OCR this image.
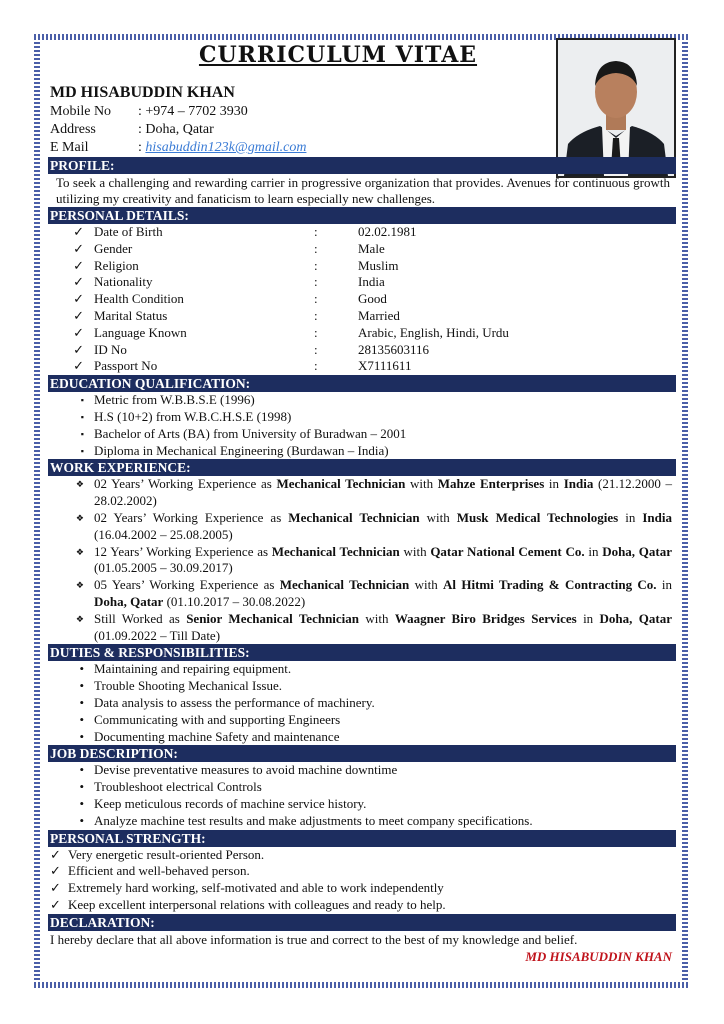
CURRICULUM VITAE
MD HISABUDDIN KHAN
Mobile No	: +974 – 7702 3930
Address	: Doha, Qatar
E Mail	: hisabuddin123k@gmail.com
PROFILE:
To seek a challenging and rewarding carrier in progressive organization that provides. Avenues for continuous growth utilizing my creativity and fanaticism to learn especially new challenges.
PERSONAL DETAILS:
✓ Date of Birth	:	02.02.1981
✓ Gender	:	Male
✓ Religion	:	Muslim
✓ Nationality	:	India
✓ Health Condition	:	Good
✓ Marital Status	:	Married
✓ Language Known	:	Arabic, English, Hindi, Urdu
✓ ID No	:	28135603116
✓ Passport No	:	X7111611
EDUCATION QUALIFICATION:
▪ Metric from W.B.B.S.E (1996)
▪ H.S (10+2) from W.B.C.H.S.E (1998)
▪ Bachelor of Arts (BA) from University of Buradwan – 2001
▪ Diploma in Mechanical Engineering (Burdawan – India)
WORK EXPERIENCE:
❖ 02 Years’ Working Experience as Mechanical Technician with Mahze Enterprises in India (21.12.2000 – 28.02.2002)
❖ 02 Years’ Working Experience as Mechanical Technician with Musk Medical Technologies in India (16.04.2002 – 25.08.2005)
❖ 12 Years’ Working Experience as Mechanical Technician with Qatar National Cement Co. in Doha, Qatar (01.05.2005 – 30.09.2017)
❖ 05 Years’ Working Experience as Mechanical Technician with Al Hitmi Trading & Contracting Co. in Doha, Qatar (01.10.2017 – 30.08.2022)
❖ Still Worked as Senior Mechanical Technician with Waagner Biro Bridges Services in Doha, Qatar (01.09.2022 – Till Date)
DUTIES & RESPONSIBILITIES:
• Maintaining and repairing equipment.
• Trouble Shooting Mechanical Issue.
• Data analysis to assess the performance of machinery.
• Communicating with and supporting Engineers
• Documenting machine Safety and maintenance
JOB DESCRIPTION:
• Devise preventative measures to avoid machine downtime
• Troubleshoot electrical Controls
• Keep meticulous records of machine service history.
• Analyze machine test results and make adjustments to meet company specifications.
PERSONAL STRENGTH:
✓ Very energetic result-oriented Person.
✓ Efficient and well-behaved person.
✓ Extremely hard working, self-motivated and able to work independently
✓ Keep excellent interpersonal relations with colleagues and ready to help.
DECLARATION:
I hereby declare that all above information is true and correct to the best of my knowledge and belief.
MD HISABUDDIN KHAN
